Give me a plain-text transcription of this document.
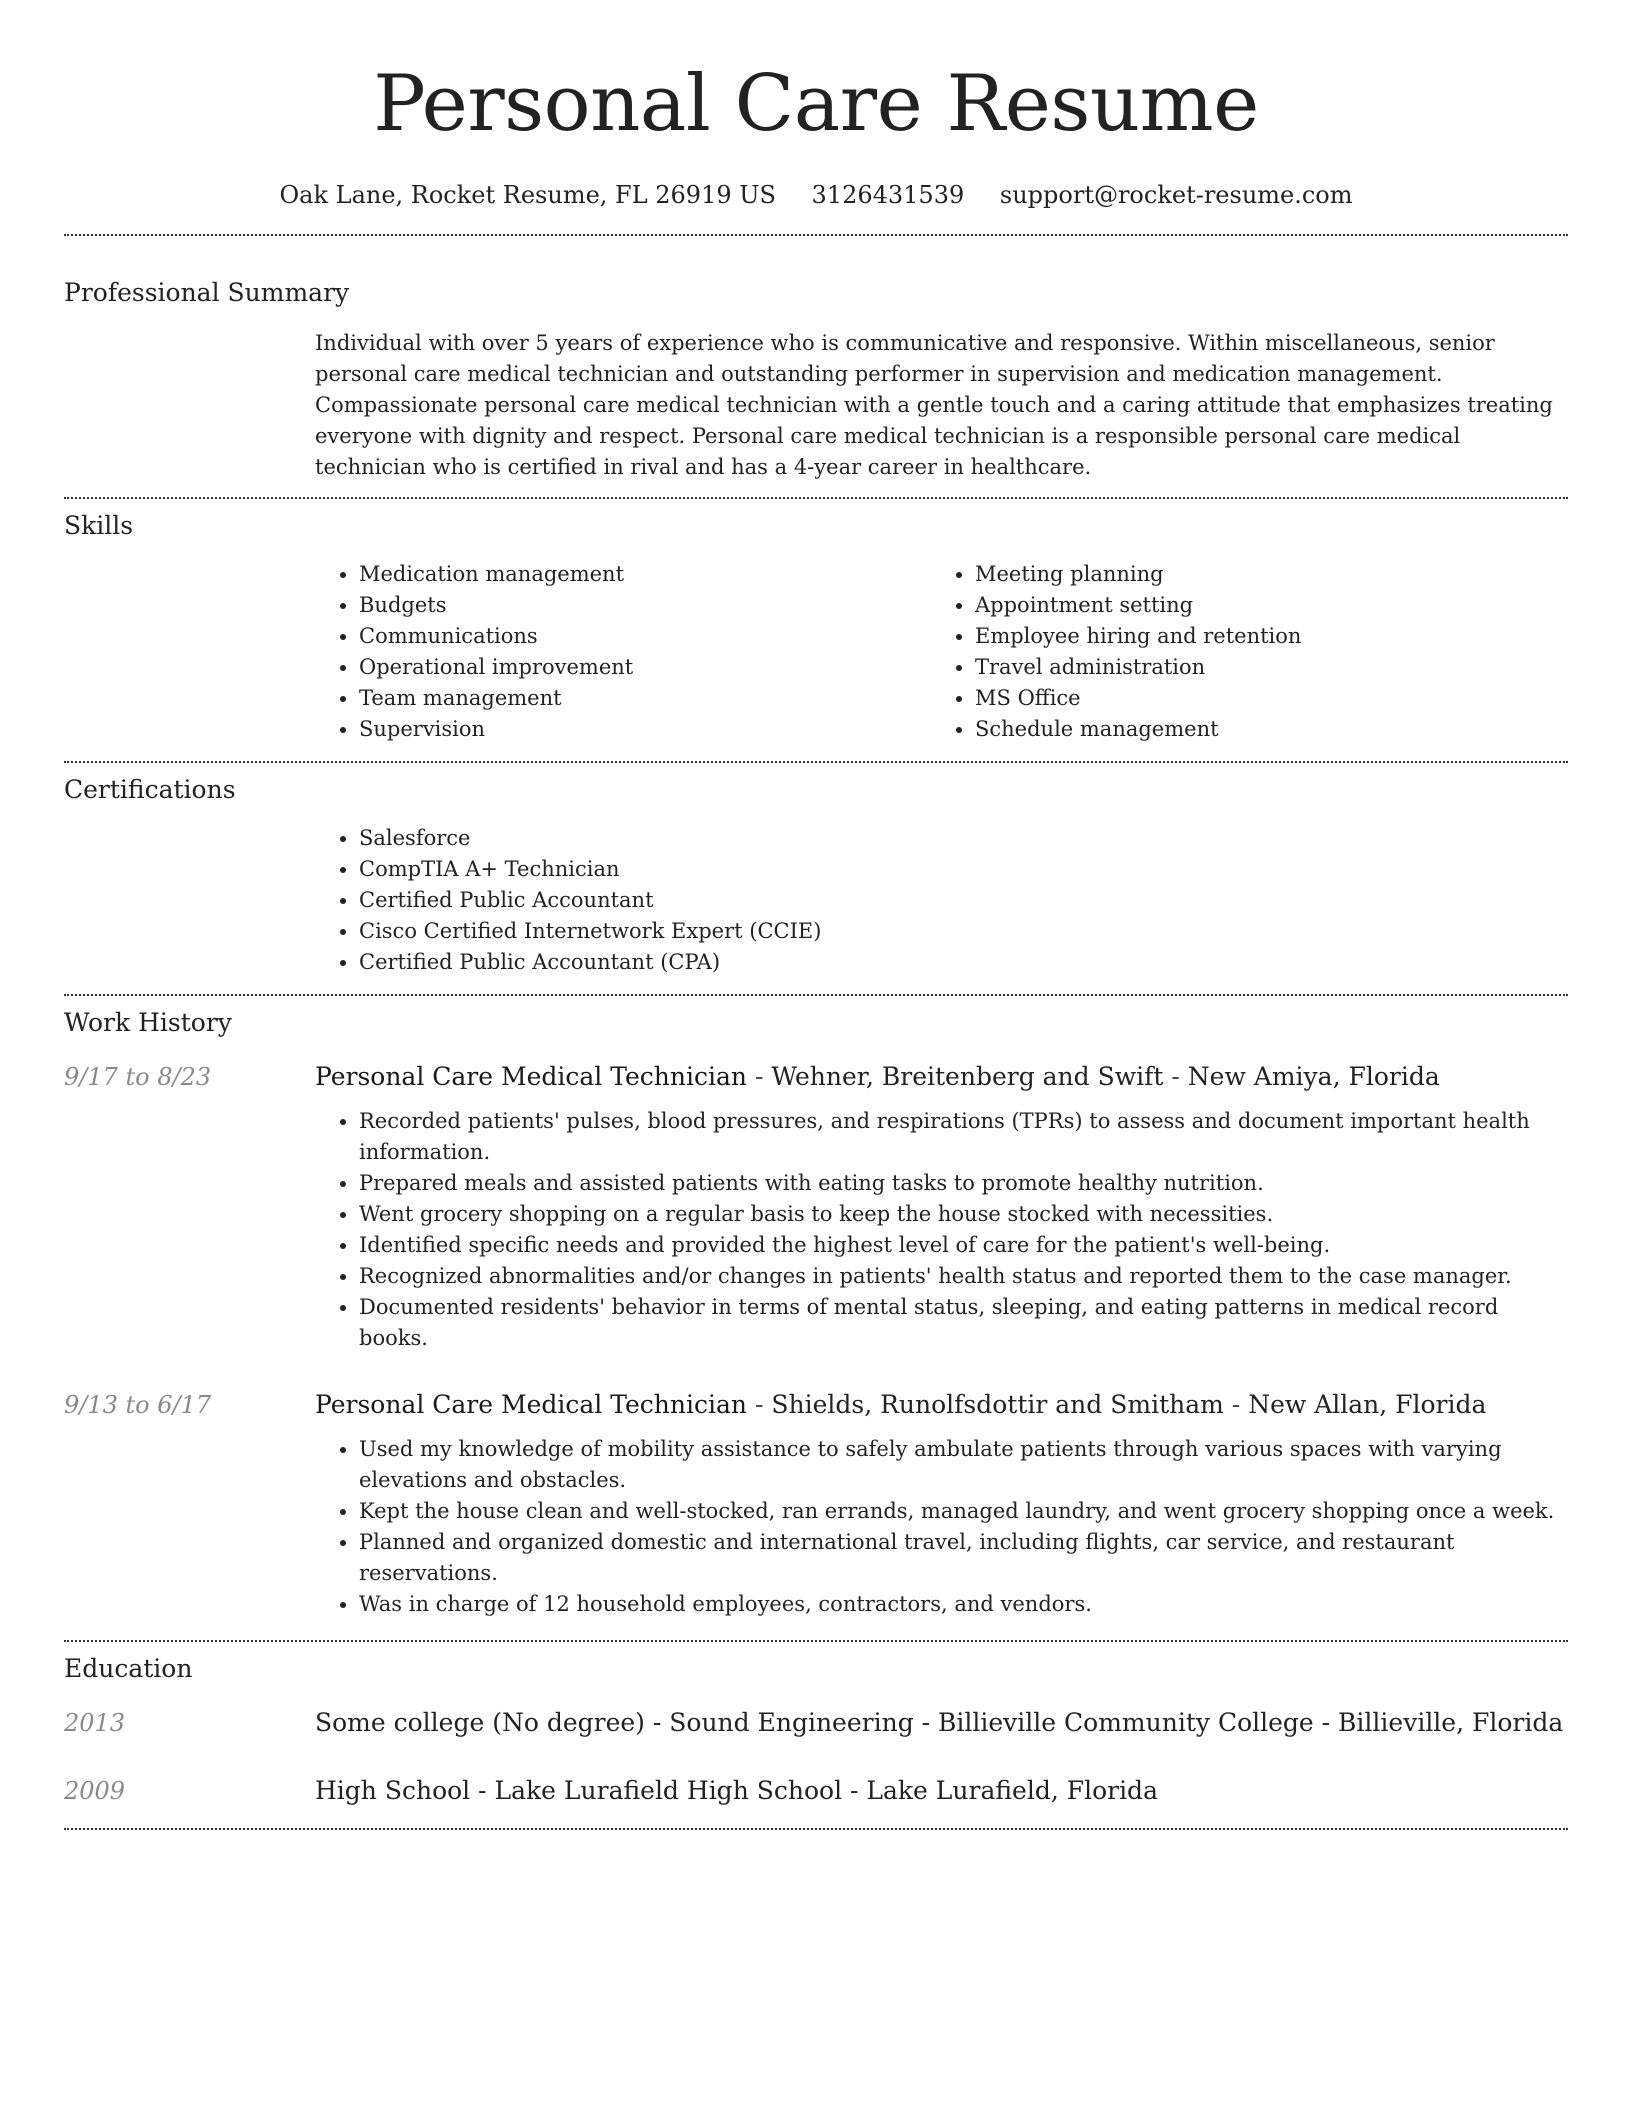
Personal Care Resume
Oak Lane, Rocket Resume, FL 26919 US 3126431539 support@rocket-resume.com
Professional Summary

Individual with over 5 years of experience who is communicative and responsive. Within miscellaneous, senior personal care medical technician and outstanding performer in supervision and medication management. Compassionate personal care medical technician with a gentle touch and a caring attitude that emphasizes treating everyone with dignity and respect. Personal care medical technician is a responsible personal care medical technician who is certified in rival and has a 4-year career in healthcare.

Skills
• Medication management
• Budgets
• Communications
• Operational improvement
• Team management
• Supervision
• Meeting planning
• Appointment setting
• Employee hiring and retention
• Travel administration
• MS Office
• Schedule management
Certifications
• Salesforce
• CompTIA A+ Technician
• Certified Public Accountant
• Cisco Certified Internetwork Expert (CCIE)
• Certified Public Accountant (CPA)
Work History
9/17 to 8/23	Personal Care Medical Technician - Wehner, Breitenberg and Swift - New Amiya, Florida
• Recorded patients' pulses, blood pressures, and respirations (TPRs) to assess and document important health information.
• Prepared meals and assisted patients with eating tasks to promote healthy nutrition.
• Went grocery shopping on a regular basis to keep the house stocked with necessities.
• Identified specific needs and provided the highest level of care for the patient's well-being.
• Recognized abnormalities and/or changes in patients' health status and reported them to the case manager.
• Documented residents' behavior in terms of mental status, sleeping, and eating patterns in medical record books.
9/13 to 6/17	Personal Care Medical Technician - Shields, Runolfsdottir and Smitham - New Allan, Florida
• Used my knowledge of mobility assistance to safely ambulate patients through various spaces with varying elevations and obstacles.
• Kept the house clean and well-stocked, ran errands, managed laundry, and went grocery shopping once a week.
• Planned and organized domestic and international travel, including flights, car service, and restaurant reservations.
• Was in charge of 12 household employees, contractors, and vendors.
Education
2013	Some college (No degree) - Sound Engineering - Billieville Community College - Billieville, Florida
2009	High School - Lake Lurafield High School - Lake Lurafield, Florida
